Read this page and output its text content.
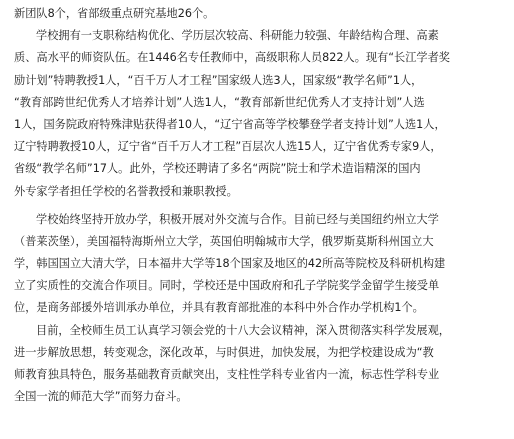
新团队8个，省部级重点研究基地26个。
学校拥有一支职称结构优化、学历层次较高、科研能力较强、年龄结构合理、高素
质、高水平的师资队伍。在1446名专任教师中，高级职称人员822人。现有“长江学者奖
励计划”特聘教授1人，“百千万人才工程”国家级人选3人，国家级“教学名师”1人，
“教育部跨世纪优秀人才培养计划”人选1人，“教育部新世纪优秀人才支持计划”人选
1人，国务院政府特殊津贴获得者10人，“辽宁省高等学校攀登学者支持计划”人选1人，
辽宁特聘教授10人，辽宁省“百千万人才工程”百层次人选15人，辽宁省优秀专家9人，
省级“教学名师”17人。此外，学校还聘请了多名“两院”院士和学术造诣精深的国内
外专家学者担任学校的名誉教授和兼职教授。
学校始终坚持开放办学，积极开展对外交流与合作。目前已经与美国纽约州立大学
（普莱茨堡），美国福特海斯州立大学，英国伯明翰城市大学，俄罗斯莫斯科州国立大
学，韩国国立大清大学，日本福井大学等18个国家及地区的42所高等院校及科研机构建
立了实质性的交流合作项目。同时，学校还是中国政府和孔子学院奖学金留学生接受单
位，是商务部援外培训承办单位，并具有教育部批准的本科中外合作办学机构1个。
目前，全校师生员工认真学习领会党的十八大会议精神，深入贯彻落实科学发展观，
进一步解放思想，转变观念，深化改革，与时俱进，加快发展，为把学校建设成为“教
师教育独具特色，服务基础教育贡献突出，支柱性学科专业省内一流，标志性学科专业
全国一流的师范大学”而努力奋斗。
